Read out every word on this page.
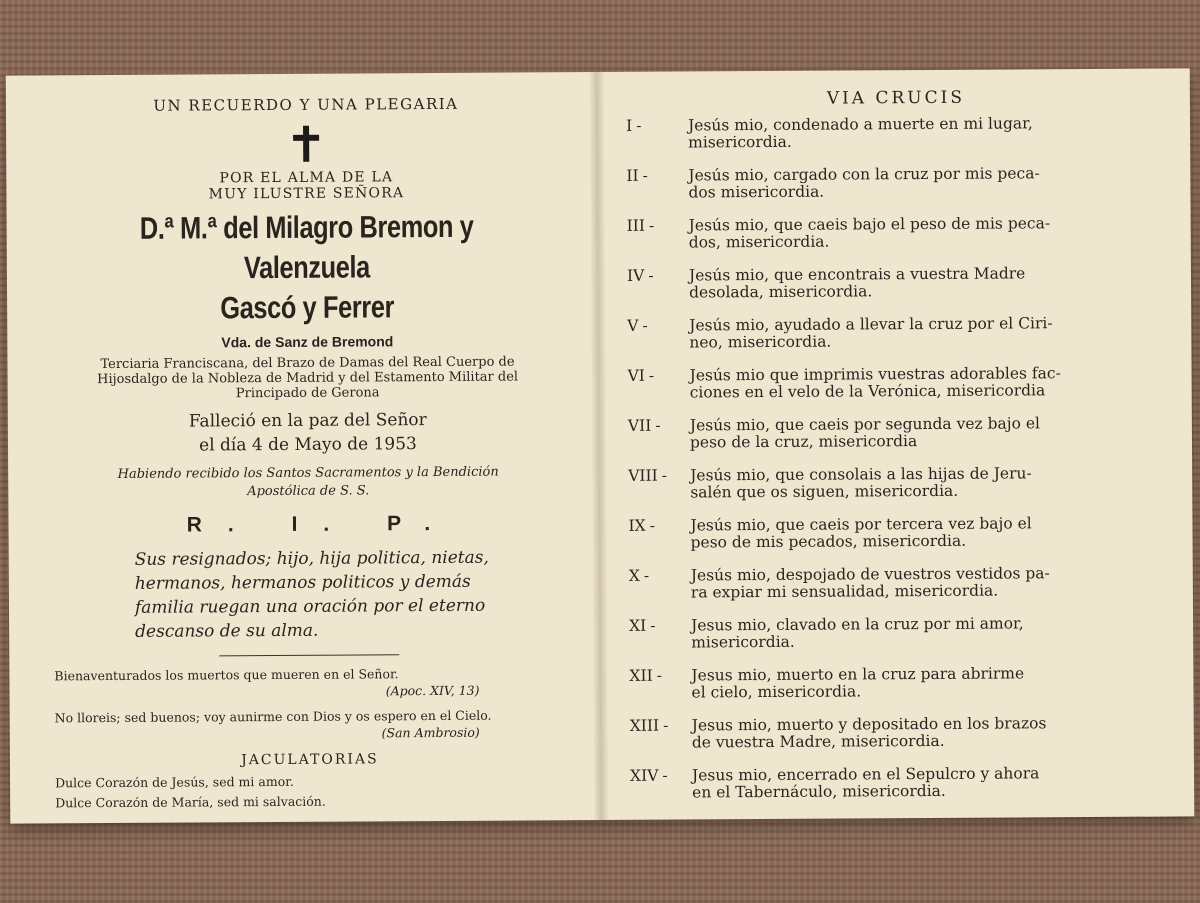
UN RECUERDO Y UNA PLEGARIA
POR EL ALMA DE LA
MUY ILUSTRE SEÑORA
D.ª M.ª del Milagro Bremon y Valenzuela
Gascó y Ferrer
Vda. de Sanz de Bremond
Terciaria Franciscana, del Brazo de Damas del Real Cuerpo de
Hijosdalgo de la Nobleza de Madrid y del Estamento Militar del
Principado de Gerona
Falleció en la paz del Señor
el día 4 de Mayo de 1953
Habiendo recibido los Santos Sacramentos y la Bendición
Apostólica de S. S.
R. I. P.
Sus resignados; hijo, hija politica, nietas,
hermanos, hermanos politicos y demás
familia ruegan una oración por el eterno
descanso de su alma.
Bienaventurados los muertos que mueren en el Señor.
(Apoc. XIV, 13)
No lloreis; sed buenos; voy aunirme con Dios y os espero en el Cielo.
(San Ambrosio)
JACULATORIAS
Dulce Corazón de Jesús, sed mi amor.
Dulce Corazón de María, sed mi salvación.
VIA CRUCIS
I -	Jesús mio, condenado a muerte en mi lugar,
misericordia.
II -	Jesús mio, cargado con la cruz por mis peca-
dos misericordia.
III -	Jesús mio, que caeis bajo el peso de mis peca-
dos, misericordia.
IV -	Jesús mio, que encontrais a vuestra Madre
desolada, misericordia.
V -	Jesús mio, ayudado a llevar la cruz por el Ciri-
neo, misericordia.
VI -	Jesús mio que imprimis vuestras adorables fac-
ciones en el velo de la Verónica, misericordia
VII -	Jesús mio, que caeis por segunda vez bajo el
peso de la cruz, misericordia
VIII -	Jesús mio, que consolais a las hijas de Jeru-
salén que os siguen, misericordia.
IX -	Jesús mio, que caeis por tercera vez bajo el
peso de mis pecados, misericordia.
X -	Jesús mio, despojado de vuestros vestidos pa-
ra expiar mi sensualidad, misericordia.
XI -	Jesus mio, clavado en la cruz por mi amor,
misericordia.
XII -	Jesus mio, muerto en la cruz para abrirme
el cielo, misericordia.
XIII -	Jesus mio, muerto y depositado en los brazos
de vuestra Madre, misericordia.
XIV -	Jesus mio, encerrado en el Sepulcro y ahora
en el Tabernáculo, misericordia.
